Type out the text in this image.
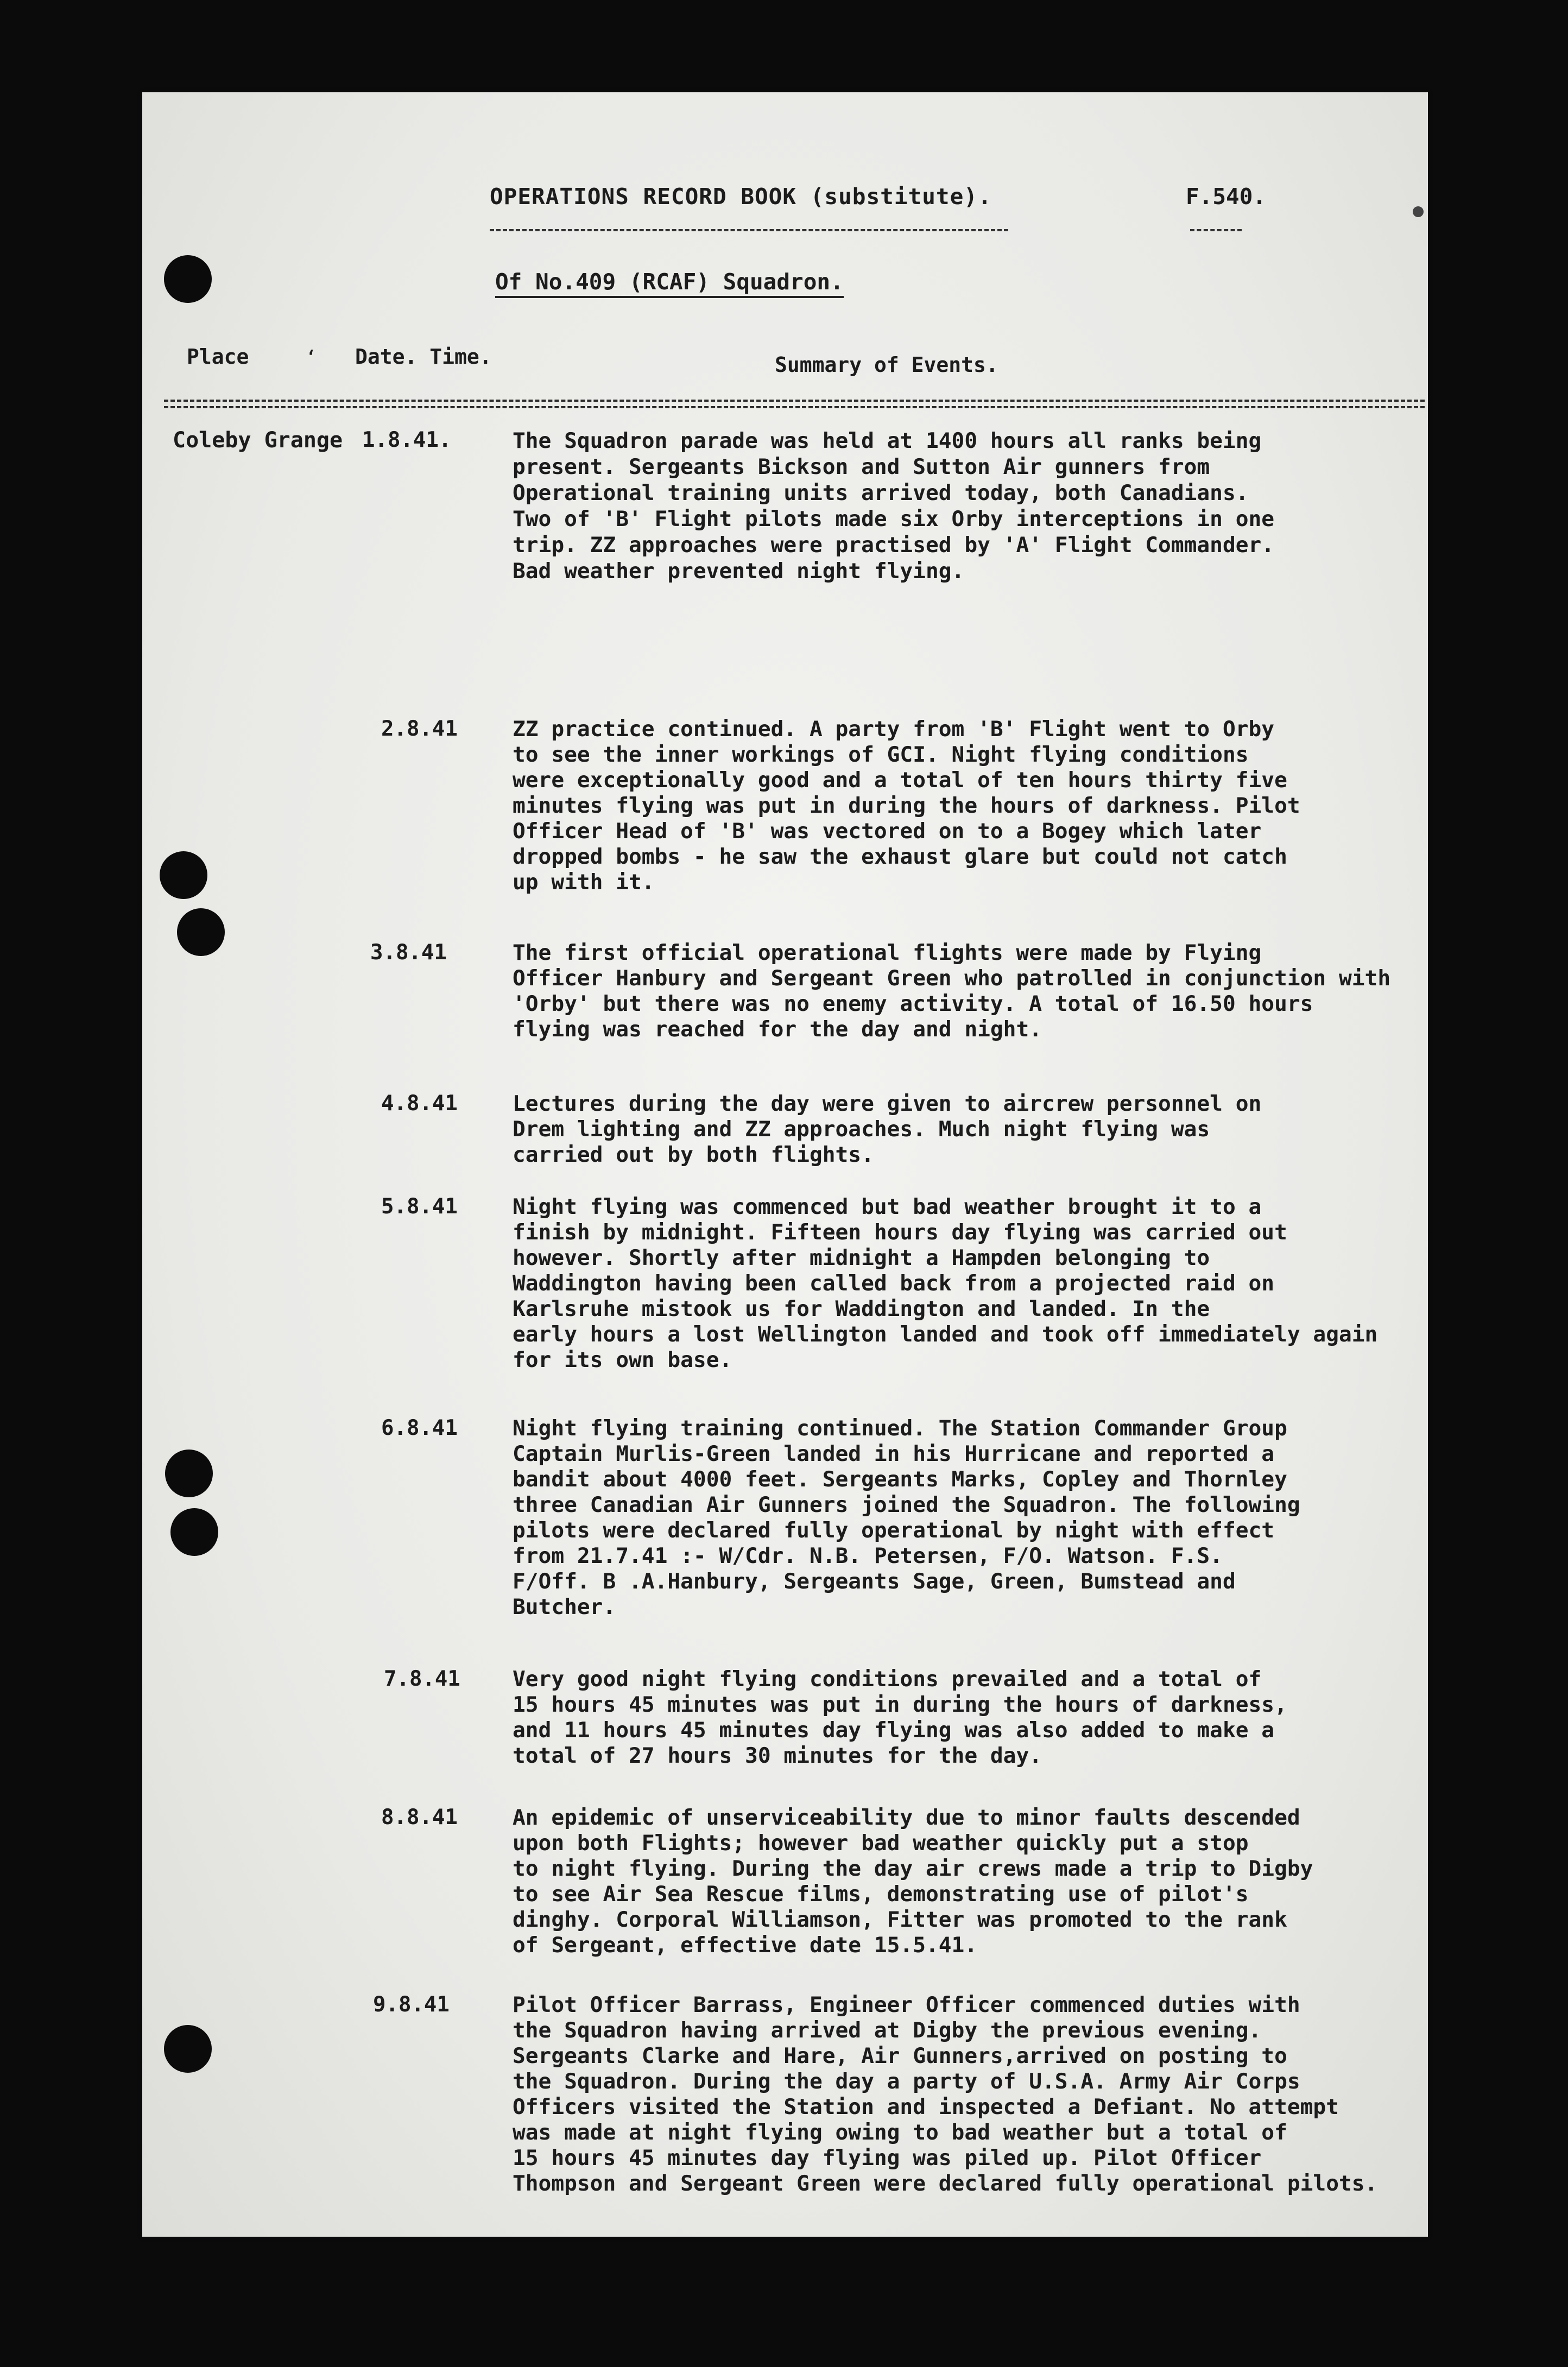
OPERATIONS RECORD BOOK (substitute).	F.540.
Of No.409 (RCAF) Squadron.
Place	‘ Date. Time.	Summary of Events.
Coleby Grange 1.8.41.	The Squadron parade was held at 1400 hours all ranks being
present. Sergeants Bickson and Sutton Air gunners from
Operational training units arrived today, both Canadians.
Two of 'B' Flight pilots made six Orby interceptions in one
trip. ZZ approaches were practised by 'A' Flight Commander.
Bad weather prevented night flying.
2.8.41	ZZ practice continued. A party from 'B' Flight went to Orby
to see the inner workings of GCI. Night flying conditions
were exceptionally good and a total of ten hours thirty five
minutes flying was put in during the hours of darkness. Pilot
Officer Head of 'B' was vectored on to a Bogey which later
dropped bombs - he saw the exhaust glare but could not catch
up with it.
3.8.41	The first official operational flights were made by Flying
Officer Hanbury and Sergeant Green who patrolled in conjunction with
'Orby' but there was no enemy activity. A total of 16.50 hours
flying was reached for the day and night.
4.8.41	Lectures during the day were given to aircrew personnel on
Drem lighting and ZZ approaches. Much night flying was
carried out by both flights.
5.8.41	Night flying was commenced but bad weather brought it to a
finish by midnight. Fifteen hours day flying was carried out
however. Shortly after midnight a Hampden belonging to
Waddington having been called back from a projected raid on
Karlsruhe mistook us for Waddington and landed. In the
early hours a lost Wellington landed and took off immediately again
for its own base.
6.8.41	Night flying training continued. The Station Commander Group
Captain Murlis-Green landed in his Hurricane and reported a
bandit about 4000 feet. Sergeants Marks, Copley and Thornley
three Canadian Air Gunners joined the Squadron. The following
pilots were declared fully operational by night with effect
from 21.7.41 :- W/Cdr. N.B. Petersen, F/O. Watson. F.S.
F/Off. B .A.Hanbury, Sergeants Sage, Green, Bumstead and
Butcher.
7.8.41 Very good night flying conditions prevailed and a total of
15 hours 45 minutes was put in during the hours of darkness,
and 11 hours 45 minutes day flying was also added to make a
total of 27 hours 30 minutes for the day.
8.8.41	An epidemic of unserviceability due to minor faults descended
upon both Flights; however bad weather quickly put a stop
to night flying. During the day air crews made a trip to Digby
to see Air Sea Rescue films, demonstrating use of pilot's
dinghy. Corporal Williamson, Fitter was promoted to the rank
of Sergeant, effective date 15.5.41.
9.8.41	Pilot Officer Barrass, Engineer Officer commenced duties with
the Squadron having arrived at Digby the previous evening.
Sergeants Clarke and Hare, Air Gunners,arrived on posting to
the Squadron. During the day a party of U.S.A. Army Air Corps
Officers visited the Station and inspected a Defiant. No attempt
was made at night flying owing to bad weather but a total of
15 hours 45 minutes day flying was piled up. Pilot Officer
Thompson and Sergeant Green were declared fully operational pilots.
